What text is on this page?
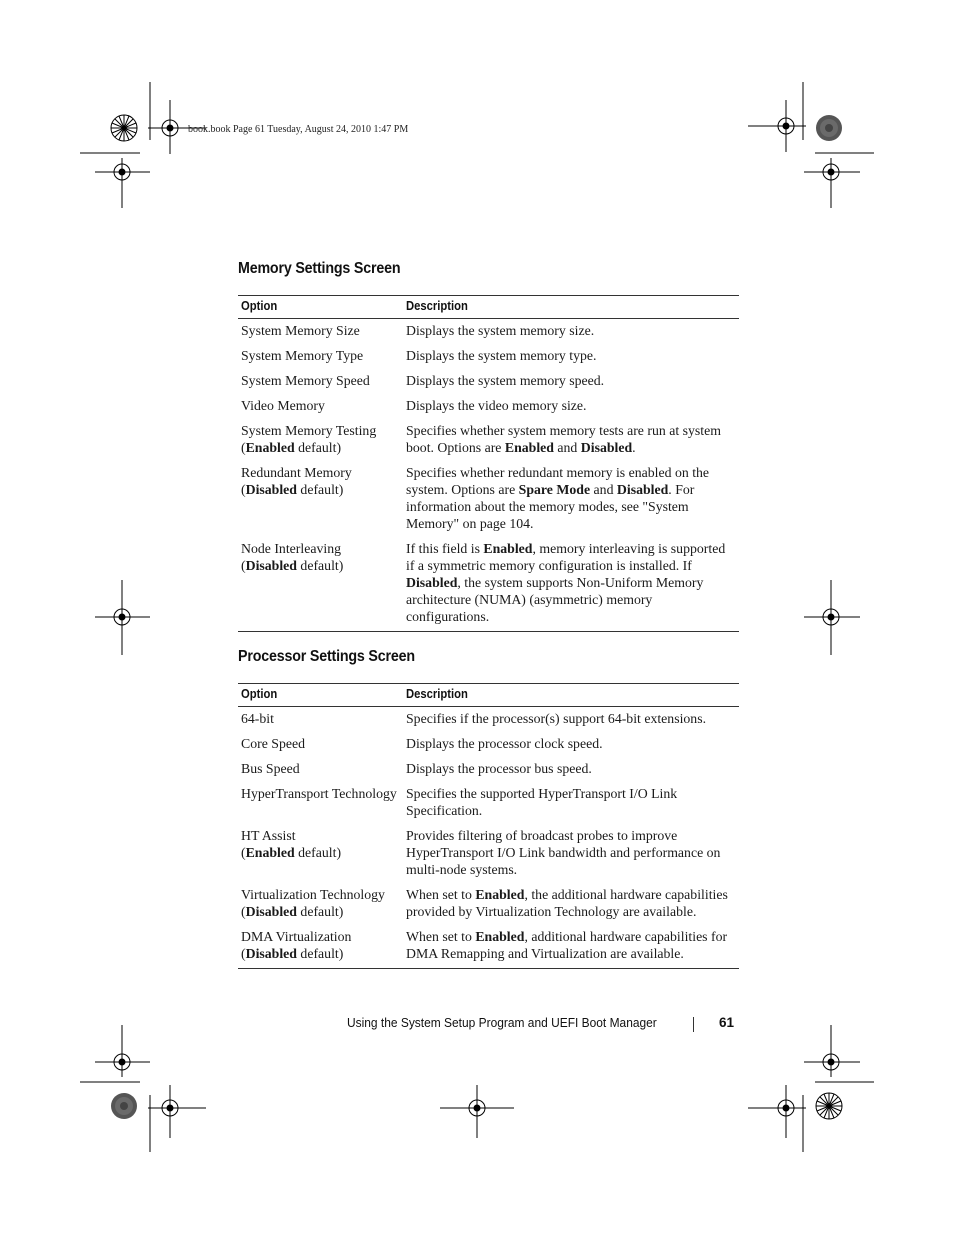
book.book Page 61 Tuesday, August 24, 2010 1:47 PM
Memory Settings Screen
Option	Description
System Memory Size	Displays the system memory size.
System Memory Type	Displays the system memory type.
System Memory Speed	Displays the system memory speed.
Video Memory	Displays the video memory size.
System Memory Testing
(Enabled default)	Specifies whether system memory tests are run at system boot. Options are Enabled and Disabled.
Redundant Memory
(Disabled default)	Specifies whether redundant memory is enabled on the system. Options are Spare Mode and Disabled. For information about the memory modes, see "System Memory" on page 104.
Node Interleaving
(Disabled default)	If this field is Enabled, memory interleaving is supported if a symmetric memory configuration is installed. If Disabled, the system supports Non-Uniform Memory architecture (NUMA) (asymmetric) memory configurations.
Processor Settings Screen
Option	Description
64-bit	Specifies if the processor(s) support 64-bit extensions.
Core Speed	Displays the processor clock speed.
Bus Speed	Displays the processor bus speed.
HyperTransport Technology	Specifies the supported HyperTransport I/O Link Specification.
HT Assist
(Enabled default)	Provides filtering of broadcast probes to improve HyperTransport I/O Link bandwidth and performance on multi-node systems.
Virtualization Technology
(Disabled default)	When set to Enabled, the additional hardware capabilities provided by Virtualization Technology are available.
DMA Virtualization
(Disabled default)	When set to Enabled, additional hardware capabilities for DMA Remapping and Virtualization are available.
Using the System Setup Program and UEFI Boot Manager	61
